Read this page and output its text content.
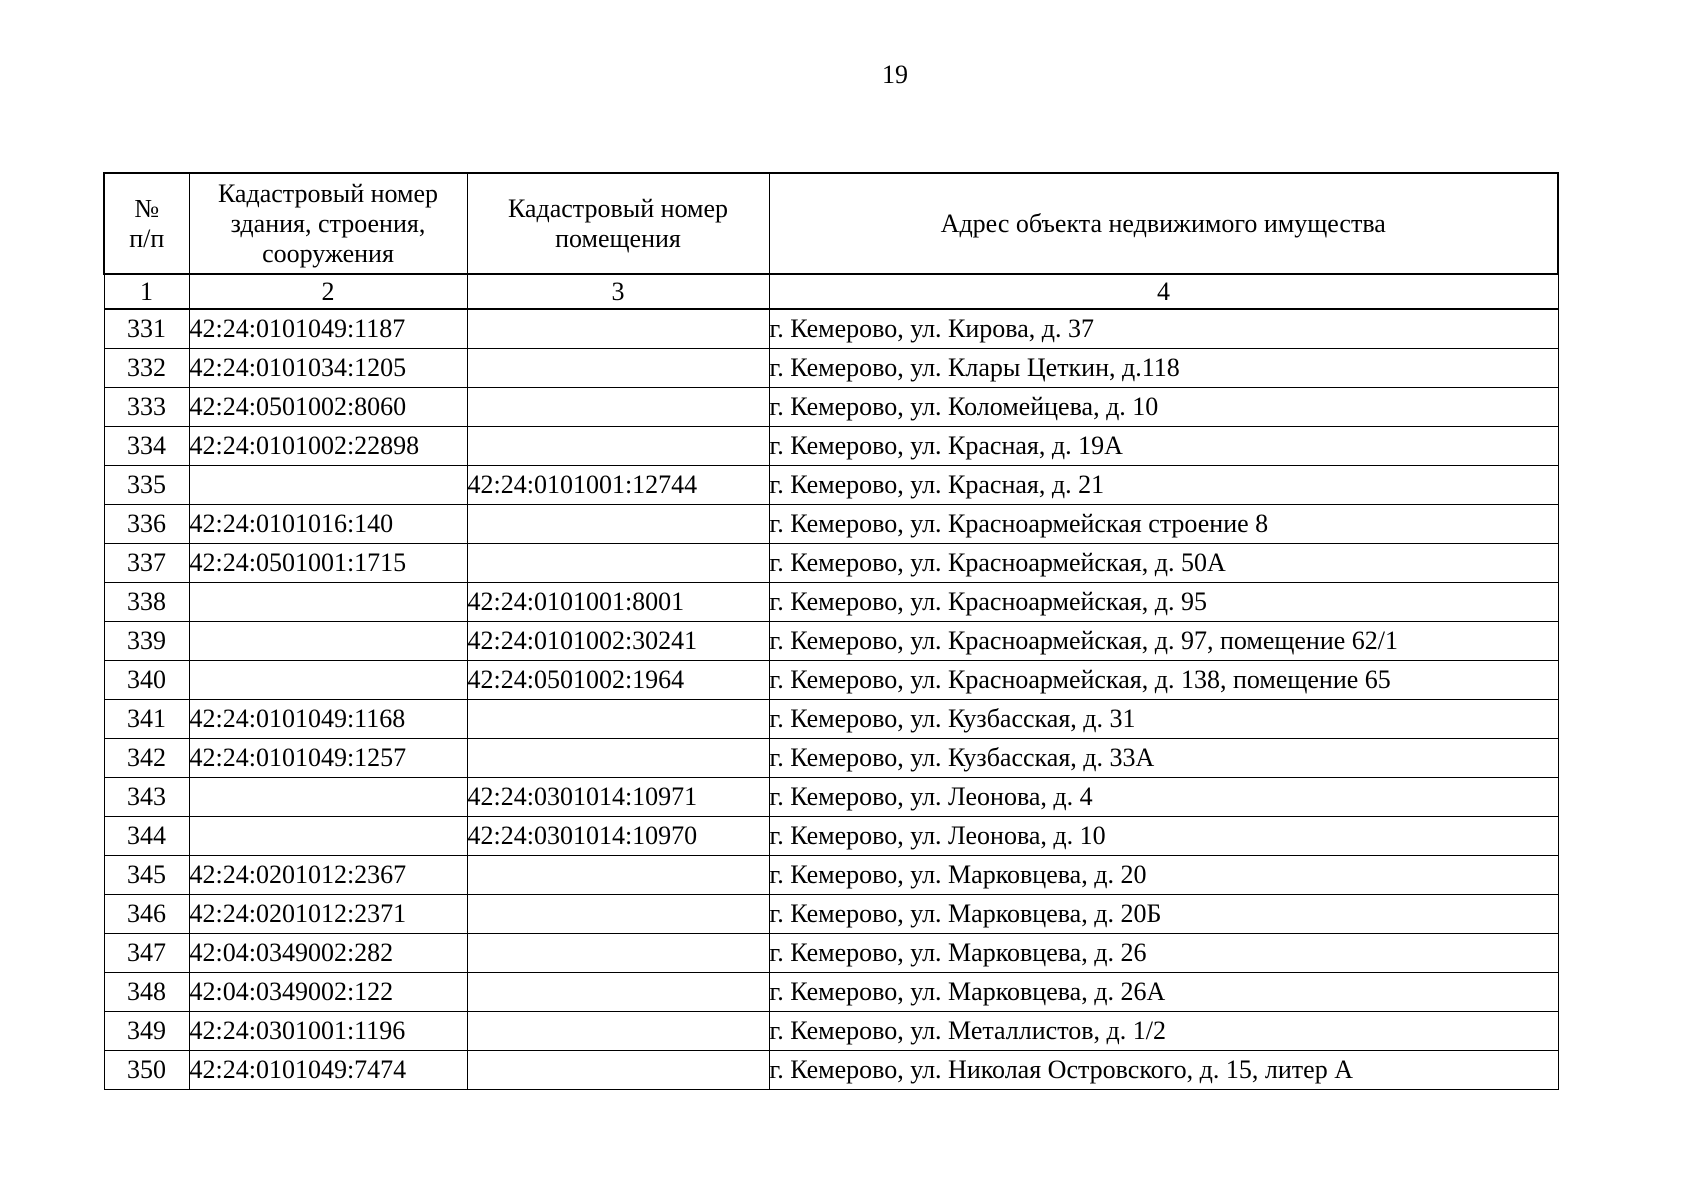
19
№
п/п	Кадастровый номер здания, строения, сооружения	Кадастровый номер помещения	Адрес объекта недвижимого имущества
1	2	3	4
331	42:24:0101049:1187		г. Кемерово, ул. Кирова, д. 37
332	42:24:0101034:1205		г. Кемерово, ул. Клары Цеткин, д.118
333	42:24:0501002:8060		г. Кемерово, ул. Коломейцева, д. 10
334	42:24:0101002:22898		г. Кемерово, ул. Красная, д. 19А
335		42:24:0101001:12744	г. Кемерово, ул. Красная, д. 21
336	42:24:0101016:140		г. Кемерово, ул. Красноармейская строение 8
337	42:24:0501001:1715		г. Кемерово, ул. Красноармейская, д. 50А
338		42:24:0101001:8001	г. Кемерово, ул. Красноармейская, д. 95
339		42:24:0101002:30241	г. Кемерово, ул. Красноармейская, д. 97, помещение 62/1
340		42:24:0501002:1964	г. Кемерово, ул. Красноармейская, д. 138, помещение 65
341	42:24:0101049:1168		г. Кемерово, ул. Кузбасская, д. 31
342	42:24:0101049:1257		г. Кемерово, ул. Кузбасская, д. 33А
343		42:24:0301014:10971	г. Кемерово, ул. Леонова, д. 4
344		42:24:0301014:10970	г. Кемерово, ул. Леонова, д. 10
345	42:24:0201012:2367		г. Кемерово, ул. Марковцева, д. 20
346	42:24:0201012:2371		г. Кемерово, ул. Марковцева, д. 20Б
347	42:04:0349002:282		г. Кемерово, ул. Марковцева, д. 26
348	42:04:0349002:122		г. Кемерово, ул. Марковцева, д. 26А
349	42:24:0301001:1196		г. Кемерово, ул. Металлистов, д. 1/2
350	42:24:0101049:7474		г. Кемерово, ул. Николая Островского, д. 15, литер А
